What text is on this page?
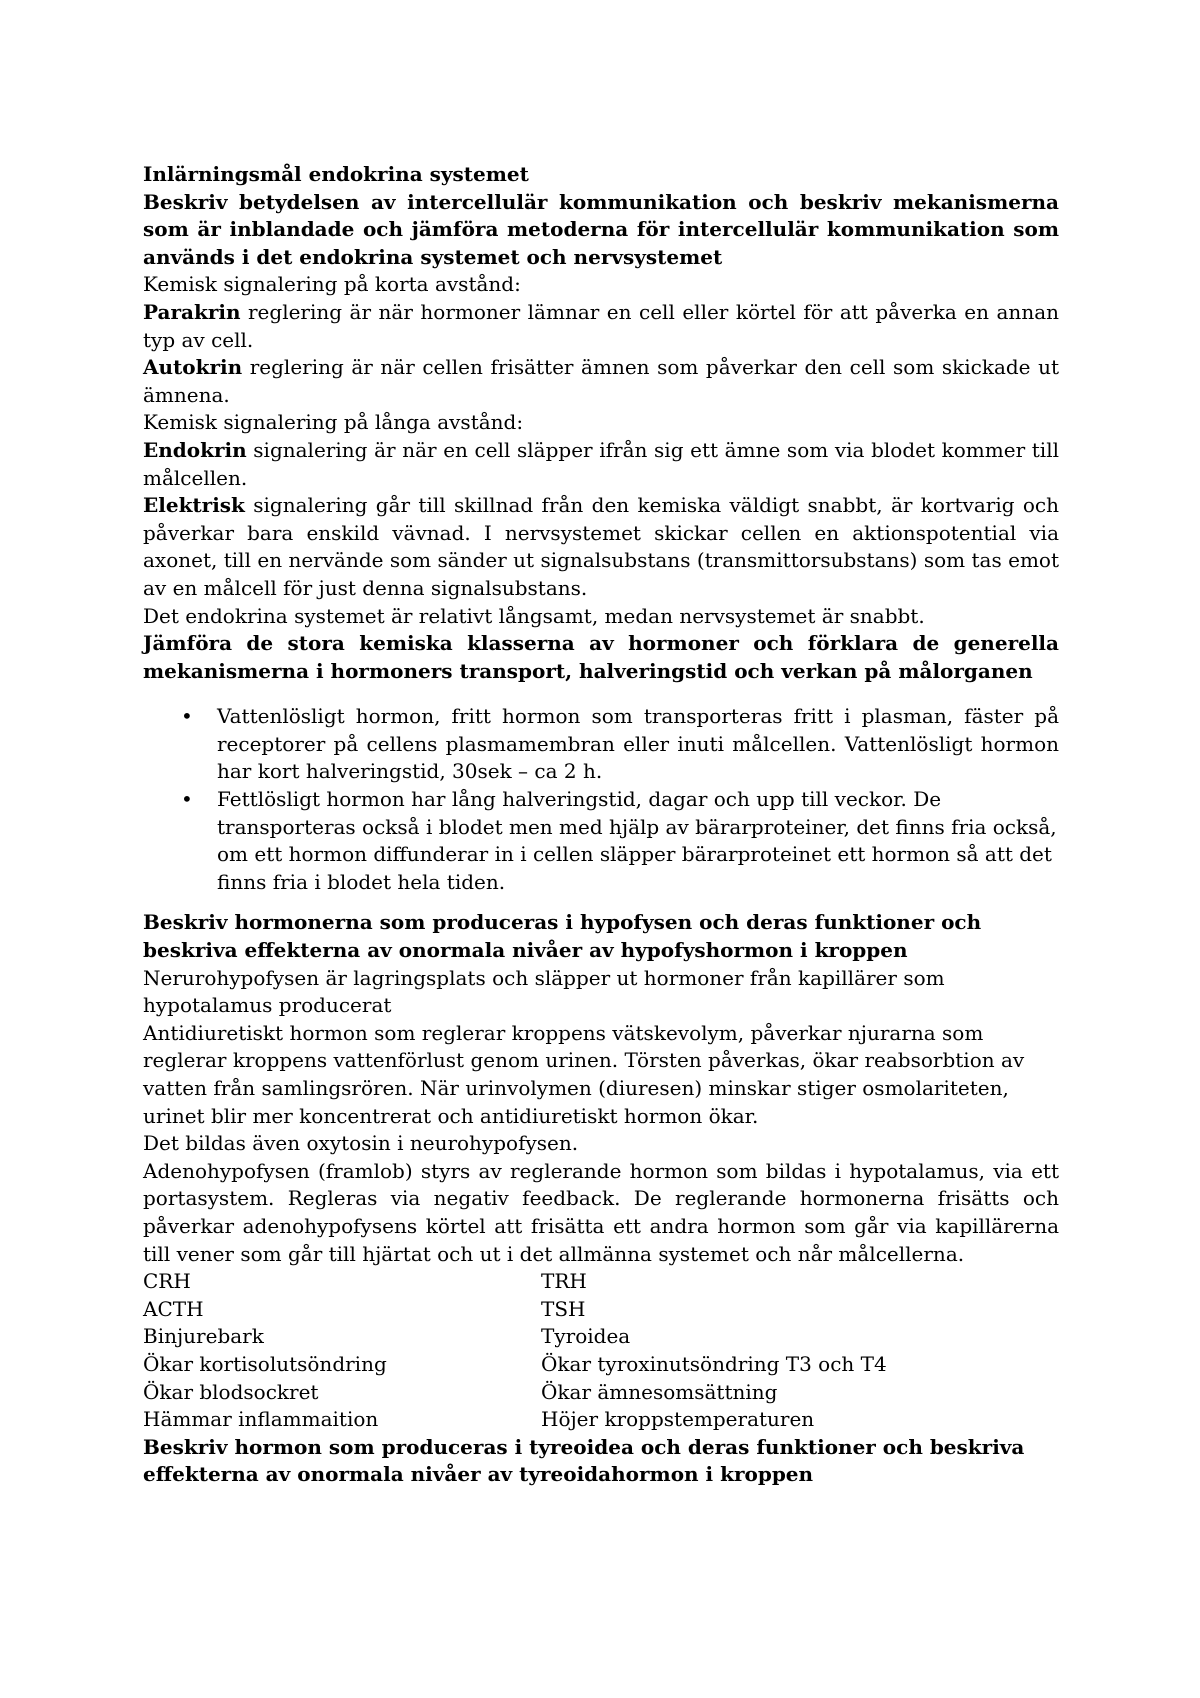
Inlärningsmål endokrina systemet

Beskriv betydelsen av intercellulär kommunikation och beskriv mekanismerna som är inblandade och jämföra metoderna för intercellulär kommunikation som används i det endokrina systemet och nervsystemet

Kemisk signalering på korta avstånd:

Parakrin reglering är när hormoner lämnar en cell eller körtel för att påverka en annan typ av cell.

Autokrin reglering är när cellen frisätter ämnen som påverkar den cell som skickade ut ämnena.

Kemisk signalering på långa avstånd:

Endokrin signalering är när en cell släpper ifrån sig ett ämne som via blodet kommer till målcellen.

Elektrisk signalering går till skillnad från den kemiska väldigt snabbt, är kortvarig och påverkar bara enskild vävnad. I nervsystemet skickar cellen en aktionspotential via axonet, till en nervände som sänder ut signalsubstans (transmittorsubstans) som tas emot av en målcell för just denna signalsubstans.

Det endokrina systemet är relativt långsamt, medan nervsystemet är snabbt.

Jämföra de stora kemiska klasserna av hormoner och förklara de generella mekanismerna i hormoners transport, halveringstid och verkan på målorganen

• Vattenlösligt hormon, fritt hormon som transporteras fritt i plasman, fäster på receptorer på cellens plasmamembran eller inuti målcellen. Vattenlösligt hormon har kort halveringstid, 30sek – ca 2 h.
• Fettlösligt hormon har lång halveringstid, dagar och upp till veckor. De transporteras också i blodet men med hjälp av bärarproteiner, det finns fria också, om ett hormon diffunderar in i cellen släpper bärarproteinet ett hormon så att det finns fria i blodet hela tiden.

Beskriv hormonerna som produceras i hypofysen och deras funktioner och beskriva effekterna av onormala nivåer av hypofyshormon i kroppen

Nerurohypofysen är lagringsplats och släpper ut hormoner från kapillärer som hypotalamus producerat

Antidiuretiskt hormon som reglerar kroppens vätskevolym, påverkar njurarna som reglerar kroppens vattenförlust genom urinen. Törsten påverkas, ökar reabsorbtion av vatten från samlingsrören. När urinvolymen (diuresen) minskar stiger osmolariteten, urinet blir mer koncentrerat och antidiuretiskt hormon ökar.

Det bildas även oxytosin i neurohypofysen.

Adenohypofysen (framlob) styrs av reglerande hormon som bildas i hypotalamus, via ett portasystem. Regleras via negativ feedback. De reglerande hormonerna frisätts och påverkar adenohypofysens körtel att frisätta ett andra hormon som går via kapillärerna till vener som går till hjärtat och ut i det allmänna systemet och når målcellerna.

CRH	TRH
ACTH	TSH
Binjurebark	Tyroidea
Ökar kortisolutsöndring	Ökar tyroxinutsöndring T3 och T4
Ökar blodsockret	Ökar ämnesomsättning
Hämmar inflammaition	Höjer kroppstemperaturen

Beskriv hormon som produceras i tyreoidea och deras funktioner och beskriva effekterna av onormala nivåer av tyreoidahormon i kroppen
